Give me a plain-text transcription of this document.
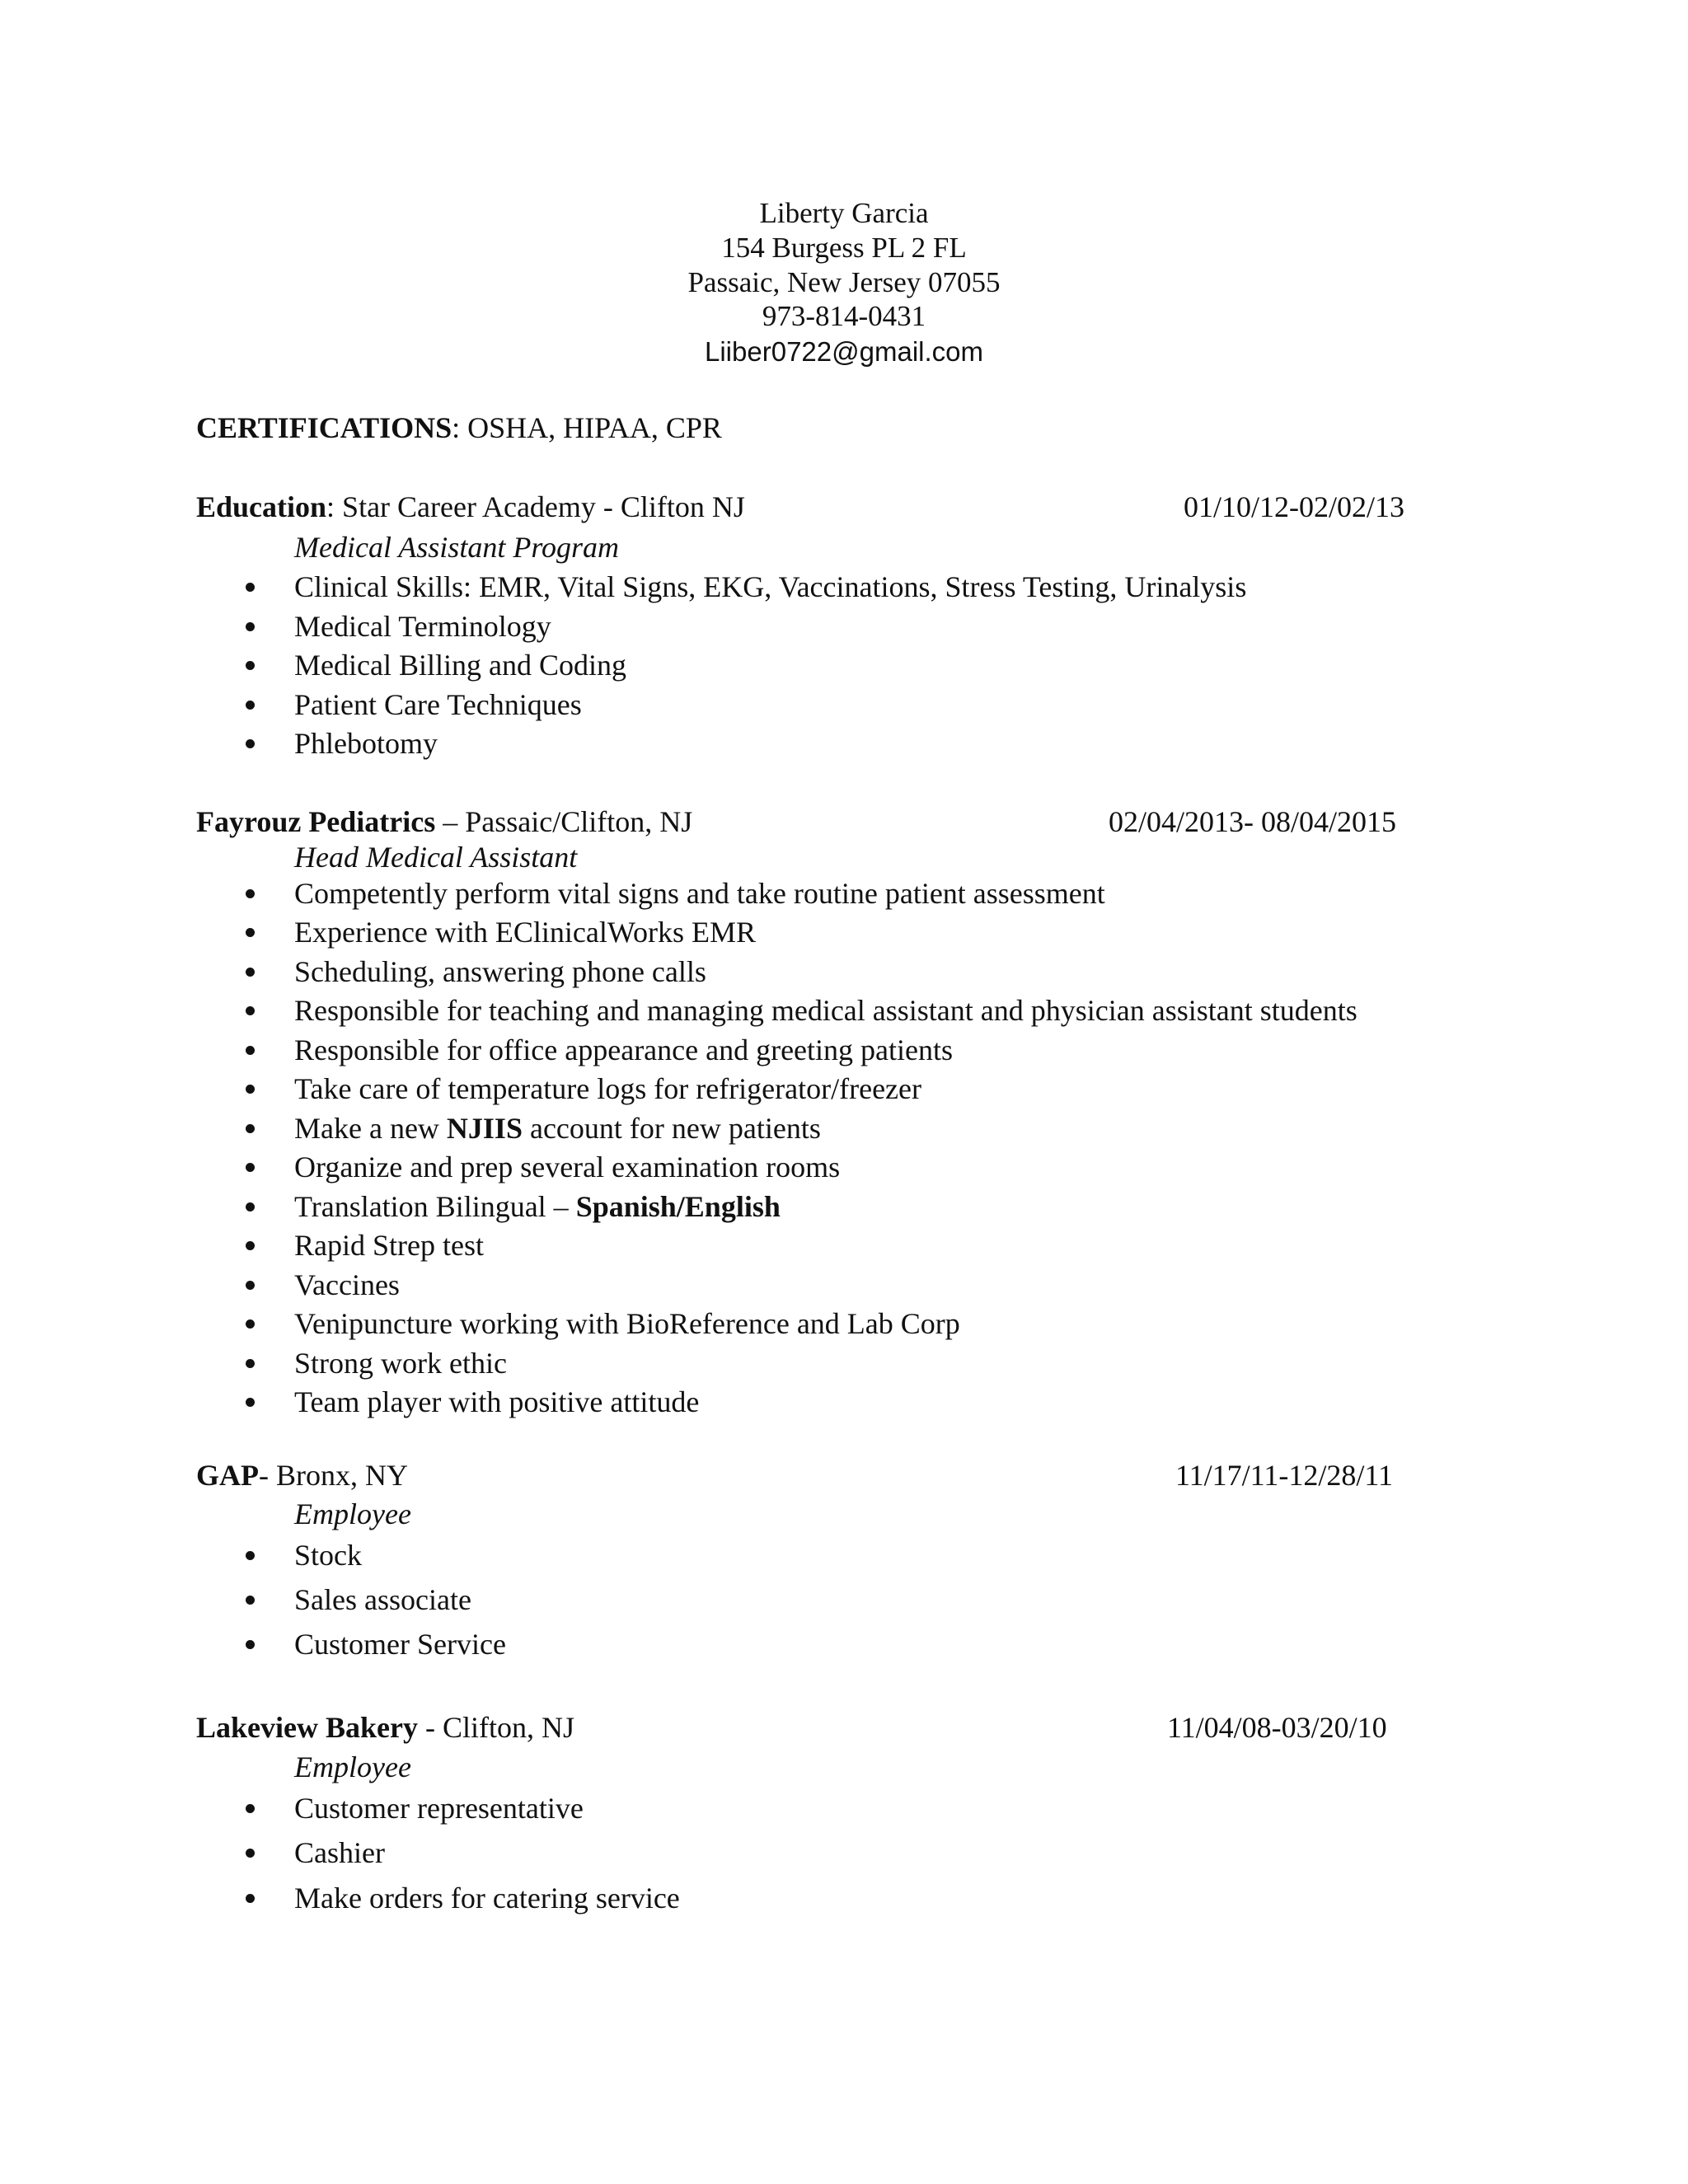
Liberty Garcia
154 Burgess PL 2 FL
Passaic, New Jersey 07055
973-814-0431
Liiber0722@gmail.com
CERTIFICATIONS: OSHA, HIPAA, CPR
Education: Star Career Academy - Clifton NJ	01/10/12-02/02/13
Medical Assistant Program
Clinical Skills: EMR, Vital Signs, EKG, Vaccinations, Stress Testing, Urinalysis
Medical Terminology
Medical Billing and Coding
Patient Care Techniques
Phlebotomy
Fayrouz Pediatrics – Passaic/Clifton, NJ	02/04/2013- 08/04/2015
Head Medical Assistant
Competently perform vital signs and take routine patient assessment
Experience with EClinicalWorks EMR
Scheduling, answering phone calls
Responsible for teaching and managing medical assistant and physician assistant students
Responsible for office appearance and greeting patients
Take care of temperature logs for refrigerator/freezer
Make a new NJIIS account for new patients
Organize and prep several examination rooms
Translation Bilingual – Spanish/English
Rapid Strep test
Vaccines
Venipuncture working with BioReference and Lab Corp
Strong work ethic
Team player with positive attitude
GAP- Bronx, NY	11/17/11-12/28/11
Employee
Stock
Sales associate
Customer Service
Lakeview Bakery - Clifton, NJ	11/04/08-03/20/10
Employee
Customer representative
Cashier
Make orders for catering service
